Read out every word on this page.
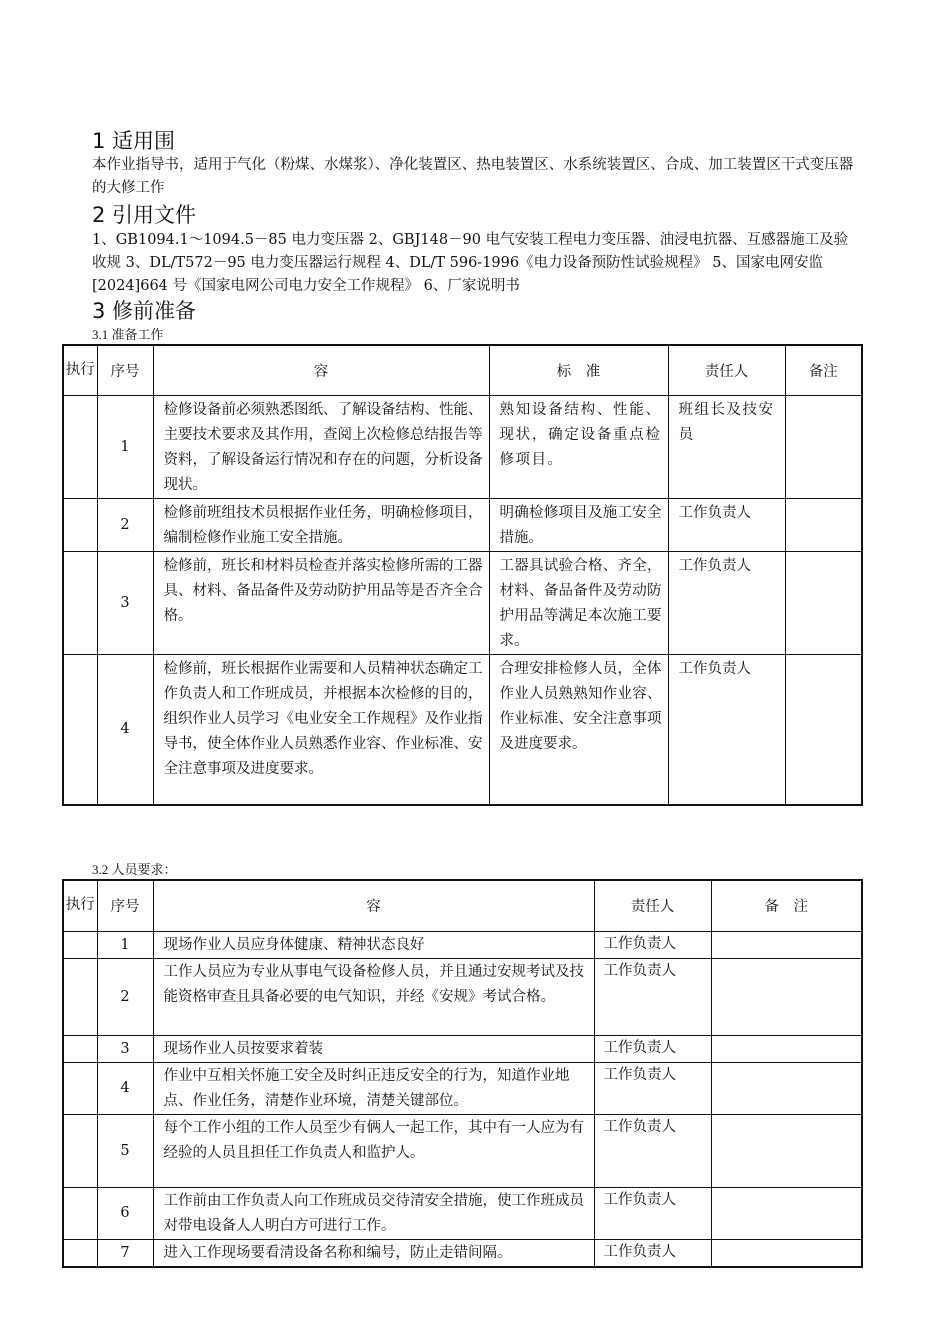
1 适用围

本作业指导书，适用于气化（粉煤、水煤浆）、净化装置区、热电装置区、水系统装置区、合成、加工装置区干式变压器的大修工作

2 引用文件

1、GB1094.1～1094.5－85 电力变压器 2、GBJ148－90 电气安装工程电力变压器、油浸电抗器、互感器施工及验收规 3、DL/T572－95 电力变压器运行规程 4、DL/T 596-1996《电力设备预防性试验规程》 5、国家电网安监[2024]664 号《国家电网公司电力安全工作规程》 6、厂家说明书

3 修前准备
3.1 准备工作
执行	序号	容	标　准	责任人	备注
	1	检修设备前必须熟悉图纸、了解设备结构、性能、主要技术要求及其作用，查阅上次检修总结报告等资料，了解设备运行情况和存在的问题，分析设备现状。	熟知设备结构、性能、现状，确定设备重点检修项目。	班组长及技安员	
	2	检修前班组技术员根据作业任务，明确检修项目，编制检修作业施工安全措施。	明确检修项目及施工安全措施。	工作负责人	
	3	检修前，班长和材料员检查并落实检修所需的工器具、材料、备品备件及劳动防护用品等是否齐全合格。	工器具试验合格、齐全，材料、备品备件及劳动防护用品等满足本次施工要求。	工作负责人	
	4	检修前，班长根据作业需要和人员精神状态确定工作负责人和工作班成员，并根据本次检修的目的，组织作业人员学习《电业安全工作规程》及作业指导书，使全体作业人员熟悉作业容、作业标准、安全注意事项及进度要求。	合理安排检修人员，全体作业人员熟熟知作业容、作业标准、安全注意事项及进度要求。	工作负责人	
3.2 人员要求：
执行	序号	容	责任人	备　注
	1	现场作业人员应身体健康、精神状态良好	工作负责人	
	2	工作人员应为专业从事电气设备检修人员，并且通过安规考试及技能资格审查且具备必要的电气知识，并经《安规》考试合格。	工作负责人	
	3	现场作业人员按要求着装	工作负责人	
	4	作业中互相关怀施工安全及时纠正违反安全的行为，知道作业地点、作业任务，清楚作业环境，清楚关键部位。	工作负责人	
	5	每个工作小组的工作人员至少有俩人一起工作，其中有一人应为有经验的人员且担任工作负责人和监护人。	工作负责人	
	6	工作前由工作负责人向工作班成员交待清安全措施，使工作班成员对带电设备人人明白方可进行工作。	工作负责人	
	7	进入工作现场要看清设备名称和编号，防止走错间隔。	工作负责人	
